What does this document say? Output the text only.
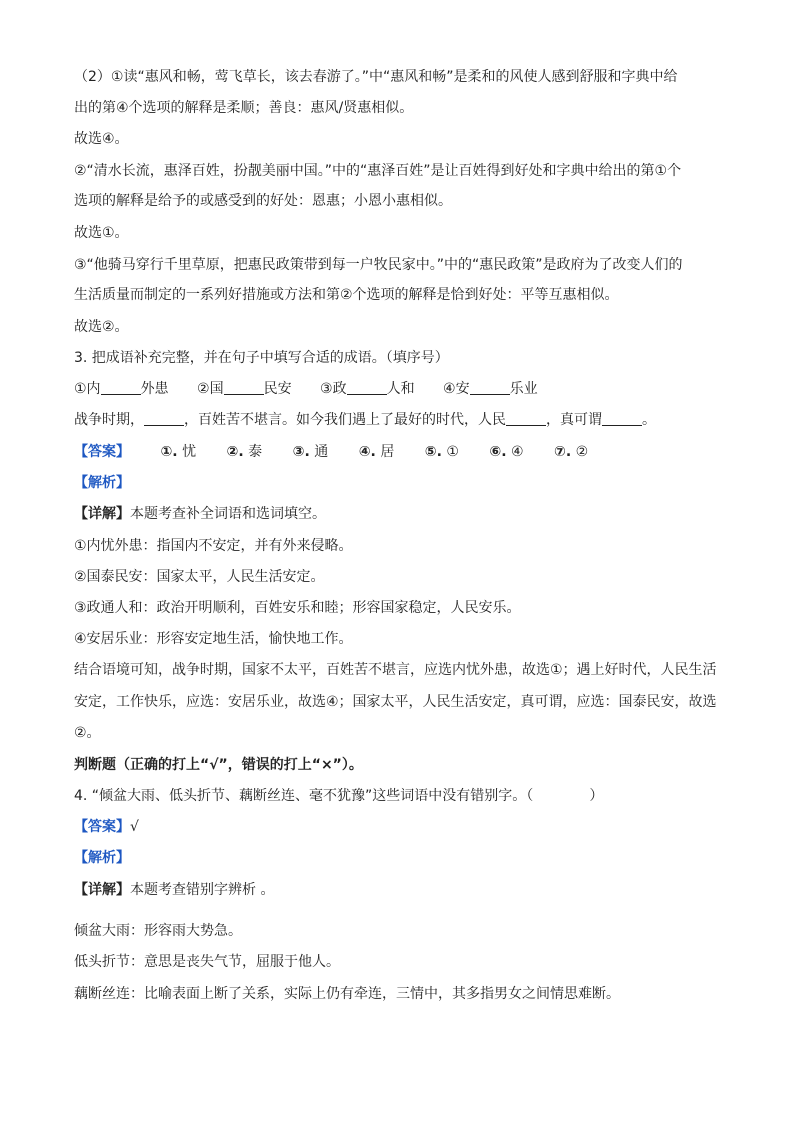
（2）①读“惠风和畅，莺飞草长，该去春游了。”中“惠风和畅”是柔和的风使人感到舒服和字典中给
出的第④个选项的解释是柔顺；善良：惠风/贤惠相似。
故选④。
②“清水长流，惠泽百姓，扮靓美丽中国。”中的“惠泽百姓”是让百姓得到好处和字典中给出的第①个
选项的解释是给予的或感受到的好处：恩惠；小恩小惠相似。
故选①。
③“他骑马穿行千里草原，把惠民政策带到每一户牧民家中。”中的“惠民政策”是政府为了改变人们的
生活质量而制定的一系列好措施或方法和第②个选项的解释是恰到好处：平等互惠相似。
故选②。
3. 把成语补充完整，并在句子中填写合适的成语。（填序号）
①内	外患 ②国	民安 ③政	人和 ④安	乐业
战争时期，	，百姓苦不堪言。如今我们遇上了最好的时代，人民	，真可谓	。
【答案】 ①. 忧 ②. 泰 ③. 通 ④. 居 ⑤. ① ⑥. ④ ⑦. ②
【解析】
【详解】本题考查补全词语和选词填空。
①内忧外患：指国内不安定，并有外来侵略。
②国泰民安：国家太平，人民生活安定。
③政通人和：政治开明顺利，百姓安乐和睦；形容国家稳定，人民安乐。
④安居乐业：形容安定地生活，愉快地工作。
结合语境可知，战争时期，国家不太平，百姓苦不堪言，应选内忧外患，故选①；遇上好时代，人民生活
安定，工作快乐，应选：安居乐业，故选④；国家太平，人民生活安定，真可谓，应选：国泰民安，故选
②。
判断题（正确的打上“√”，错误的打上“×”）。
4. “倾盆大雨、低头折节、藕断丝连、毫不犹豫”这些词语中没有错别字。（	）
【答案】√
【解析】
【详解】本题考查错别字辨析 。
倾盆大雨：形容雨大势急。
低头折节：意思是丧失气节，屈服于他人。
藕断丝连：比喻表面上断了关系，实际上仍有牵连，三情中，其多指男女之间情思难断。
